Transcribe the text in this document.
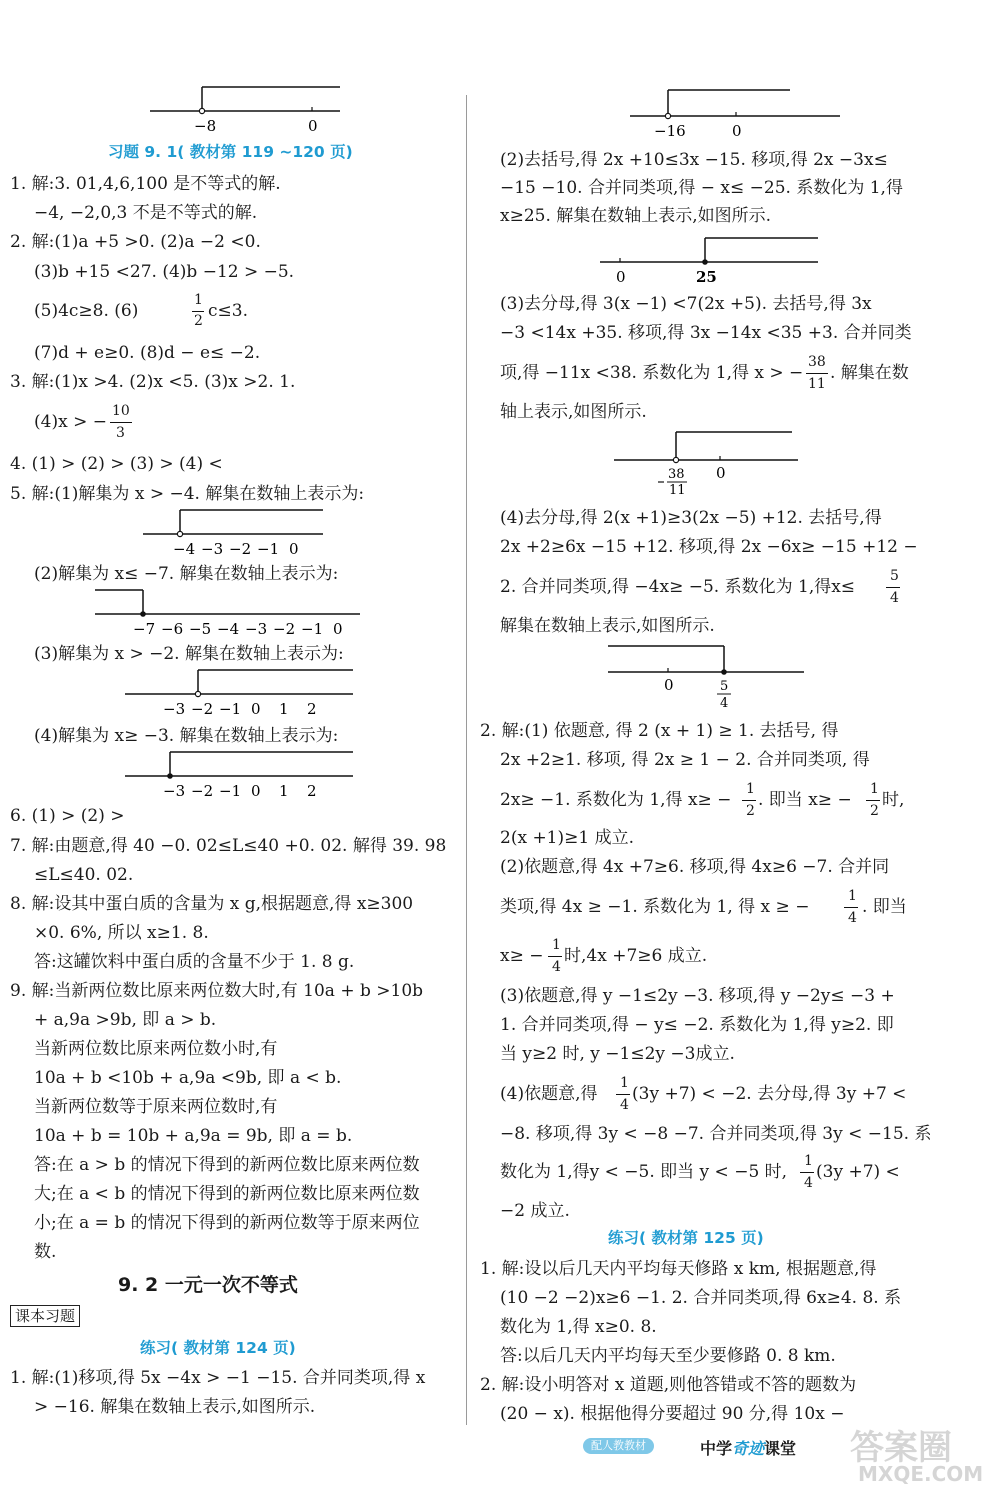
−8	0
习题 9. 1( 教材第 119 ~120 页)
1. 解:3. 01,4,6,100 是不等式的解.
−4, −2,0,3 不是不等式的解.
2. 解:(1)a +5 >0. (2)a −2 <0.
(3)b +15 <27. (4)b −12 > −5.
(5)4c≥8. (6)
1
2 c≤3.
(7)d + e≥0. (8)d − e≤ −2.
3. 解:(1)x >4. (2)x <5. (3)x >2. 1.
(4)x > −
10
3
4. (1) > (2) > (3) > (4) <
5. 解:(1)解集为 x > −4. 解集在数轴上表示为:
−4 −3 −2 −1 0
(2)解集为 x≤ −7. 解集在数轴上表示为:
−7 −6 −5 −4 −3 −2 −1 0
(3)解集为 x > −2. 解集在数轴上表示为:
−3 −2 −1 0 1 2
(4)解集为 x≥ −3. 解集在数轴上表示为:
−3 −2 −1 0 1 2
6. (1) > (2) >
7. 解:由题意,得 40 −0. 02≤L≤40 +0. 02. 解得 39. 98
≤L≤40. 02.
8. 解:设其中蛋白质的含量为 x g,根据题意,得 x≥300
×0. 6%, 所以 x≥1. 8.
答:这罐饮料中蛋白质的含量不少于 1. 8 g.
9. 解:当新两位数比原来两位数大时,有 10a + b >10b
+ a,9a >9b, 即 a > b.
当新两位数比原来两位数小时,有
10a + b <10b + a,9a <9b, 即 a < b.
当新两位数等于原来两位数时,有
10a + b = 10b + a,9a = 9b, 即 a = b.
答:在 a > b 的情况下得到的新两位数比原来两位数
大;在 a < b 的情况下得到的新两位数比原来两位数
小;在 a = b 的情况下得到的新两位数等于原来两位
数.
9. 2 一元一次不等式
课本习题
练习( 教材第 124 页)
1. 解:(1)移项,得 5x −4x > −1 −15. 合并同类项,得 x
> −16. 解集在数轴上表示,如图所示.
−16	0
(2)去括号,得 2x +10≤3x −15. 移项,得 2x −3x≤
−15 −10. 合并同类项,得 − x≤ −25. 系数化为 1,得
x≥25. 解集在数轴上表示,如图所示.
0	25
(3)去分母,得 3(x −1) <7(2x +5). 去括号,得 3x
−3 <14x +35. 移项,得 3x −14x <35 +3. 合并同类
项,得 −11x <38. 系数化为 1,得 x > −
38
11
. 解集在数
轴上表示,如图所示.
38
11
0
(4)去分母,得 2(x +1)≥3(2x −5) +12. 去括号,得
2x +2≥6x −15 +12. 移项,得 2x −6x≥ −15 +12 −
2. 合并同类项,得 −4x≥ −5. 系数化为 1,得x≤
5
4
解集在数轴上表示,如图所示.
0	5
4
2. 解:(1) 依题意, 得 2 (x + 1) ≥ 1. 去括号, 得
2x +2≥1. 移项, 得 2x ≥ 1 − 2. 合并同类项, 得
2x≥ −1. 系数化为 1,得 x≥ −
1
2
. 即当 x≥ −
1
2
时,
2(x +1)≥1 成立.
(2)依题意,得 4x +7≥6. 移项,得 4x≥6 −7. 合并同
类项,得 4x ≥ −1. 系数化为 1, 得 x ≥ −
1
4
. 即当
x≥ −
1
4
时,4x +7≥6 成立.
(3)依题意,得 y −1≤2y −3. 移项,得 y −2y≤ −3 +
1. 合并同类项,得 − y≤ −2. 系数化为 1,得 y≥2. 即
当 y≥2 时, y −1≤2y −3成立.
(4)依题意,得
1
4
(3y +7) < −2. 去分母,得 3y +7 <
−8. 移项,得 3y < −8 −7. 合并同类项,得 3y < −15. 系
数化为 1,得y < −5. 即当 y < −5 时,
1
4
(3y +7) <
−2 成立.
练习( 教材第 125 页)
1. 解:设以后几天内平均每天修路 x km, 根据题意,得
(10 −2 −2)x≥6 −1. 2. 合并同类项,得 6x≥4. 8. 系
数化为 1,得 x≥0. 8.
答:以后几天内平均每天至少要修路 0. 8 km.
2. 解:设小明答对 x 道题,则他答错或不答的题数为
(20 − x). 根据他得分要超过 90 分,得 10x −
配人教教材	中学奇迹课堂 答案圈
MXQE.COM
